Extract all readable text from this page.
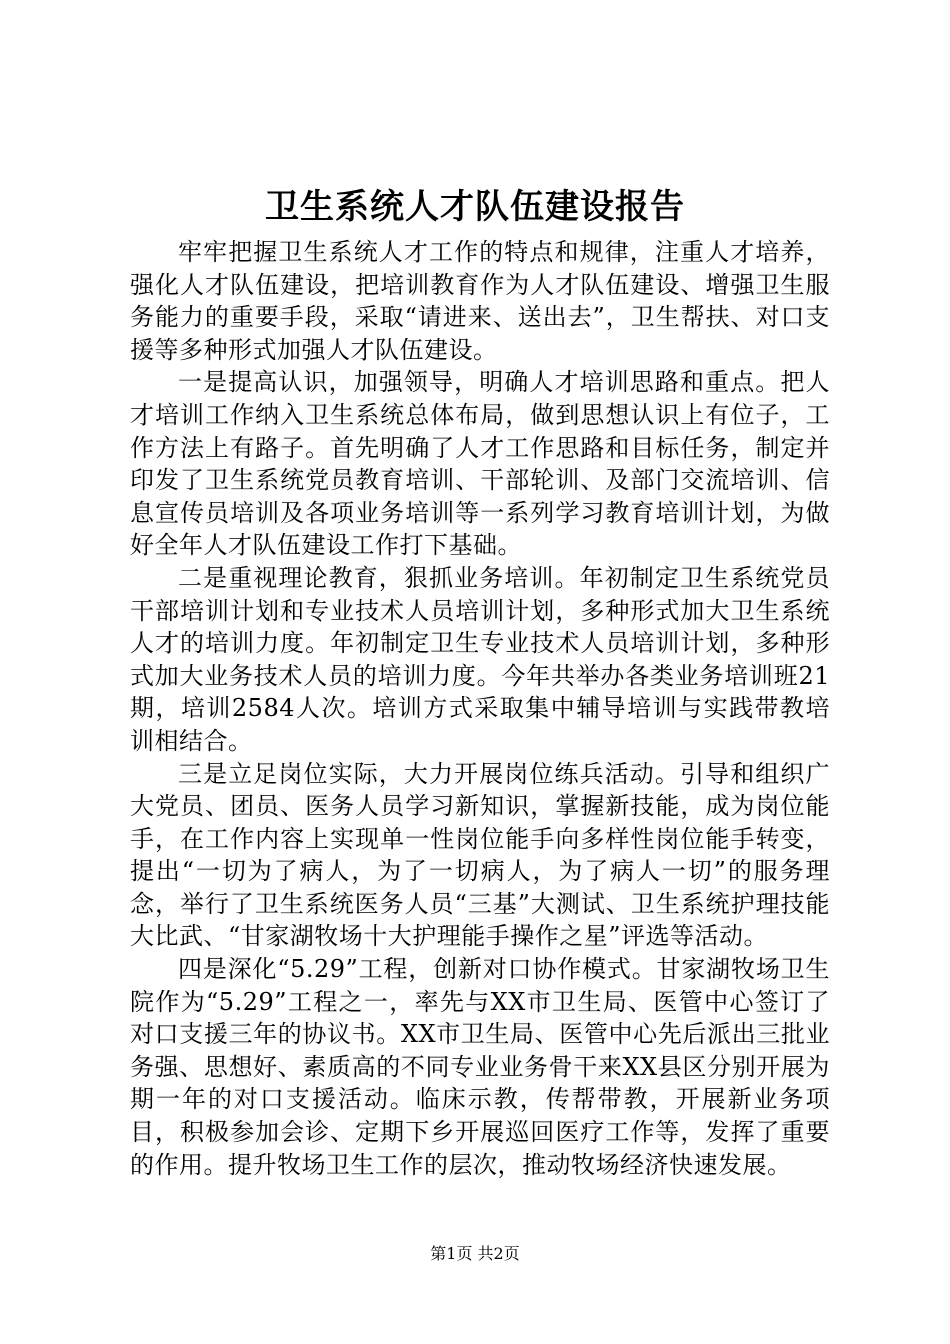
卫生系统人才队伍建设报告

牢牢把握卫生系统人才工作的特点和规律，注重人才培养，强化人才队伍建设，把培训教育作为人才队伍建设、增强卫生服务能力的重要手段，采取“请进来、送出去”，卫生帮扶、对口支援等多种形式加强人才队伍建设。

一是提高认识，加强领导，明确人才培训思路和重点。把人才培训工作纳入卫生系统总体布局，做到思想认识上有位子，工作方法上有路子。首先明确了人才工作思路和目标任务，制定并印发了卫生系统党员教育培训、干部轮训、及部门交流培训、信息宣传员培训及各项业务培训等一系列学习教育培训计划，为做好全年人才队伍建设工作打下基础。

二是重视理论教育，狠抓业务培训。年初制定卫生系统党员干部培训计划和专业技术人员培训计划，多种形式加大卫生系统人才的培训力度。年初制定卫生专业技术人员培训计划，多种形式加大业务技术人员的培训力度。今年共举办各类业务培训班21期，培训2584人次。培训方式采取集中辅导培训与实践带教培训相结合。

三是立足岗位实际，大力开展岗位练兵活动。引导和组织广大党员、团员、医务人员学习新知识，掌握新技能，成为岗位能手，在工作内容上实现单一性岗位能手向多样性岗位能手转变，提出“一切为了病人，为了一切病人，为了病人一切”的服务理念，举行了卫生系统医务人员“三基”大测试、卫生系统护理技能大比武、“甘家湖牧场十大护理能手操作之星”评选等活动。

四是深化“5.29”工程，创新对口协作模式。甘家湖牧场卫生院作为“5.29”工程之一，率先与XX市卫生局、医管中心签订了对口支援三年的协议书。XX市卫生局、医管中心先后派出三批业务强、思想好、素质高的不同专业业务骨干来XX县区分别开展为期一年的对口支援活动。临床示教，传帮带教，开展新业务项目，积极参加会诊、定期下乡开展巡回医疗工作等，发挥了重要的作用。提升牧场卫生工作的层次，推动牧场经济快速发展。

第1页 共2页
